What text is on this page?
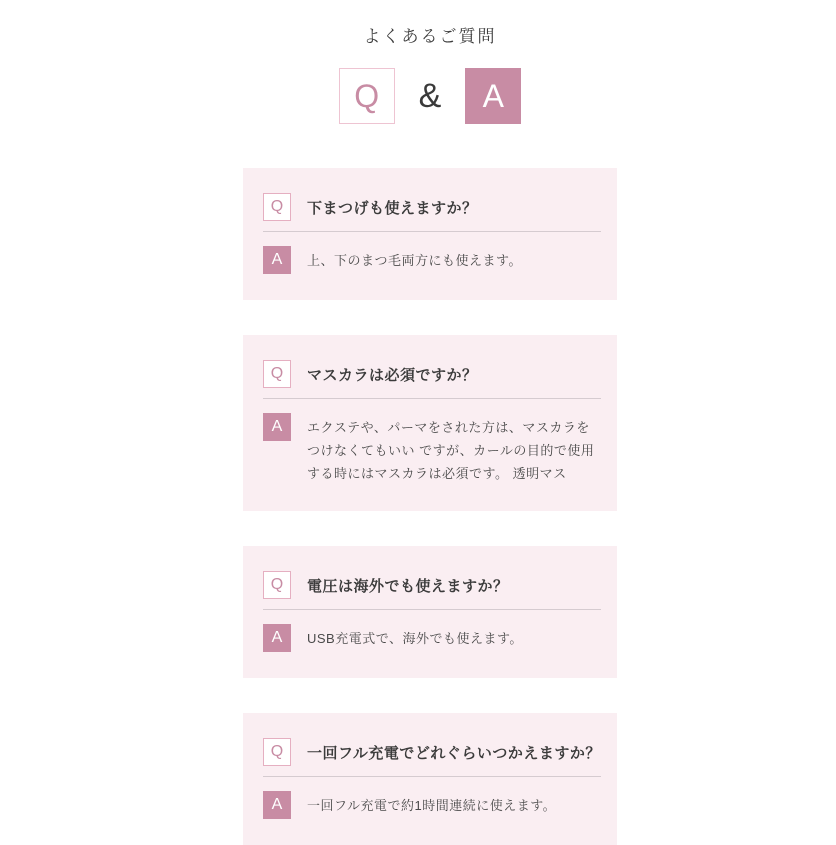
よくあるご質問
Q & A
Q 下まつげも使えますか？
A 上、下のまつ毛両方にも使えます。

Q マスカラは必須ですか？
A エクステや、パーマをされた方は、マスカラをつけなくてもいい ですが、カールの目的で使用する時にはマスカラは必須です。 透明マス

Q 電圧は海外でも使えますか？
A USB充電式で、海外でも使えます。

Q 一回フル充電でどれぐらいつかえますか？
A 一回フル充電で約1時間連続に使えます。
